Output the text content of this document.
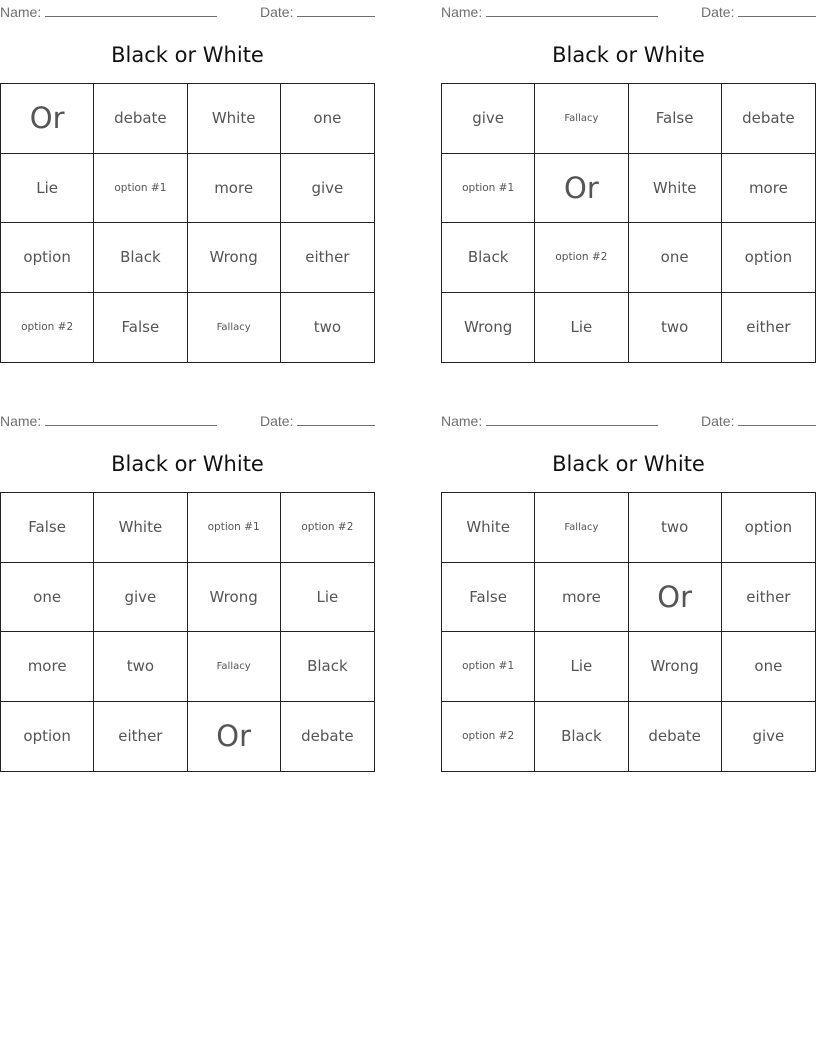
Name:	Date:
Black or White
Or	debate	White	one
Lie	option #1	more	give
option	Black	Wrong	either
option #2	False	Fallacy	two
Name:	Date:
Black or White
give	Fallacy	False	debate
option #1	Or	White	more
Black	option #2	one	option
Wrong	Lie	two	either
Name:	Date:
Black or White
False	White	option #1	option #2
one	give	Wrong	Lie
more	two	Fallacy	Black
option	either	Or	debate
Name:	Date:
Black or White
White	Fallacy	two	option
False	more	Or	either
option #1	Lie	Wrong	one
option #2	Black	debate	give
